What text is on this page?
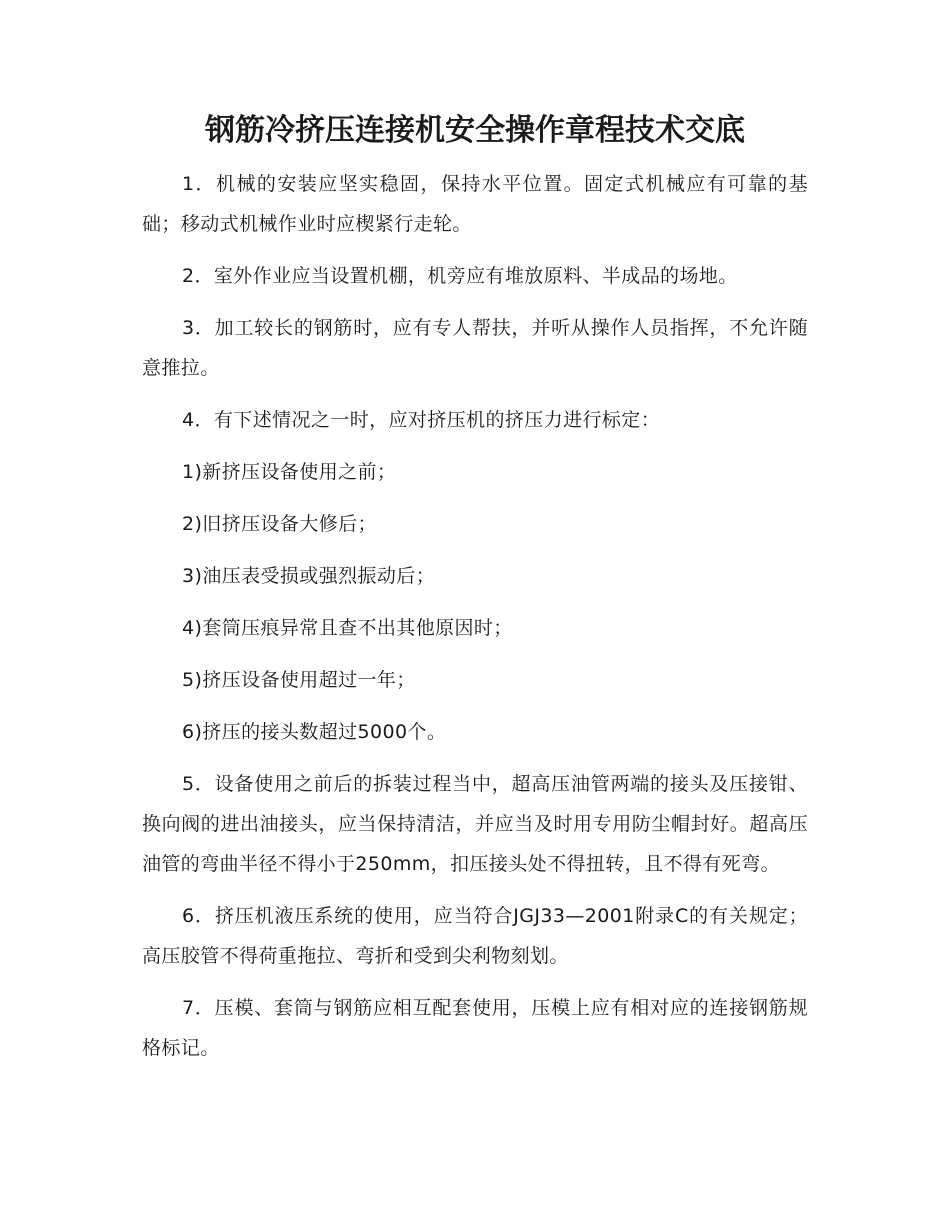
钢筋冷挤压连接机安全操作章程技术交底

1．机械的安装应坚实稳固，保持水平位置。固定式机械应有可靠的基础；移动式机械作业时应楔紧行走轮。

2．室外作业应当设置机棚，机旁应有堆放原料、半成品的场地。

3．加工较长的钢筋时，应有专人帮扶，并听从操作人员指挥，不允许随意推拉。

4．有下述情况之一时，应对挤压机的挤压力进行标定：

1)新挤压设备使用之前；

2)旧挤压设备大修后；

3)油压表受损或强烈振动后；

4)套筒压痕异常且查不出其他原因时；

5)挤压设备使用超过一年；

6)挤压的接头数超过5000个。

5．设备使用之前后的拆装过程当中，超高压油管两端的接头及压接钳、换向阀的进出油接头，应当保持清洁，并应当及时用专用防尘帽封好。超高压油管的弯曲半径不得小于250mm，扣压接头处不得扭转，且不得有死弯。

6．挤压机液压系统的使用，应当符合JGJ33—2001附录C的有关规定；高压胶管不得荷重拖拉、弯折和受到尖利物刻划。

7．压模、套筒与钢筋应相互配套使用，压模上应有相对应的连接钢筋规格标记。
